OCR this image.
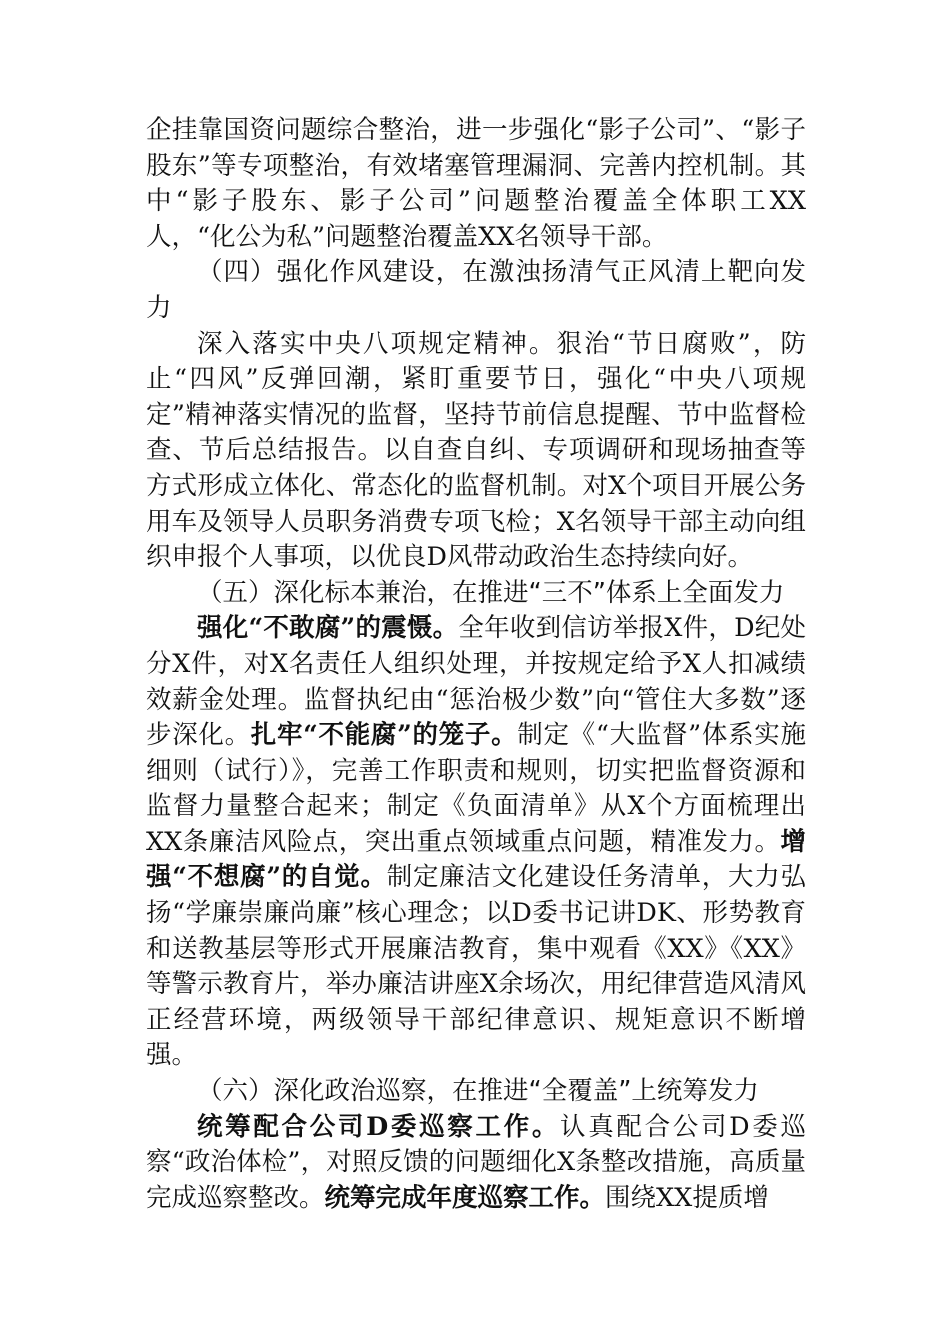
企挂靠国资问题综合整治，进一步强化“影子公司”、“影子股东”等专项整治，有效堵塞管理漏洞、完善内控机制。其中“影子股东、影子公司”问题整治覆盖全体职工XX人，“化公为私”问题整治覆盖XX名领导干部。

（四）强化作风建设，在激浊扬清气正风清上靶向发力

深入落实中央八项规定精神。狠治“节日腐败”，防止“四风”反弹回潮，紧盯重要节日，强化“中央八项规定”精神落实情况的监督，坚持节前信息提醒、节中监督检查、节后总结报告。以自查自纠、专项调研和现场抽查等方式形成立体化、常态化的监督机制。对X个项目开展公务用车及领导人员职务消费专项飞检；X名领导干部主动向组织申报个人事项，以优良D风带动政治生态持续向好。

（五）深化标本兼治，在推进“三不”体系上全面发力

强化“不敢腐”的震慑。全年收到信访举报X件，D纪处分X件，对X名责任人组织处理，并按规定给予X人扣减绩效薪金处理。监督执纪由“惩治极少数”向“管住大多数”逐步深化。扎牢“不能腐”的笼子。制定《“大监督”体系实施细则（试行）》，完善工作职责和规则，切实把监督资源和监督力量整合起来；制定《负面清单》从X个方面梳理出XX条廉洁风险点，突出重点领域重点问题，精准发力。增强“不想腐”的自觉。制定廉洁文化建设任务清单，大力弘扬“学廉崇廉尚廉”核心理念；以D委书记讲DK、形势教育和送教基层等形式开展廉洁教育，集中观看《XX》《XX》等警示教育片，举办廉洁讲座X余场次，用纪律营造风清风正经营环境，两级领导干部纪律意识、规矩意识不断增强。

（六）深化政治巡察，在推进“全覆盖”上统筹发力

统筹配合公司D委巡察工作。认真配合公司D委巡察“政治体检”，对照反馈的问题细化X条整改措施，高质量完成巡察整改。统筹完成年度巡察工作。围绕XX提质增
